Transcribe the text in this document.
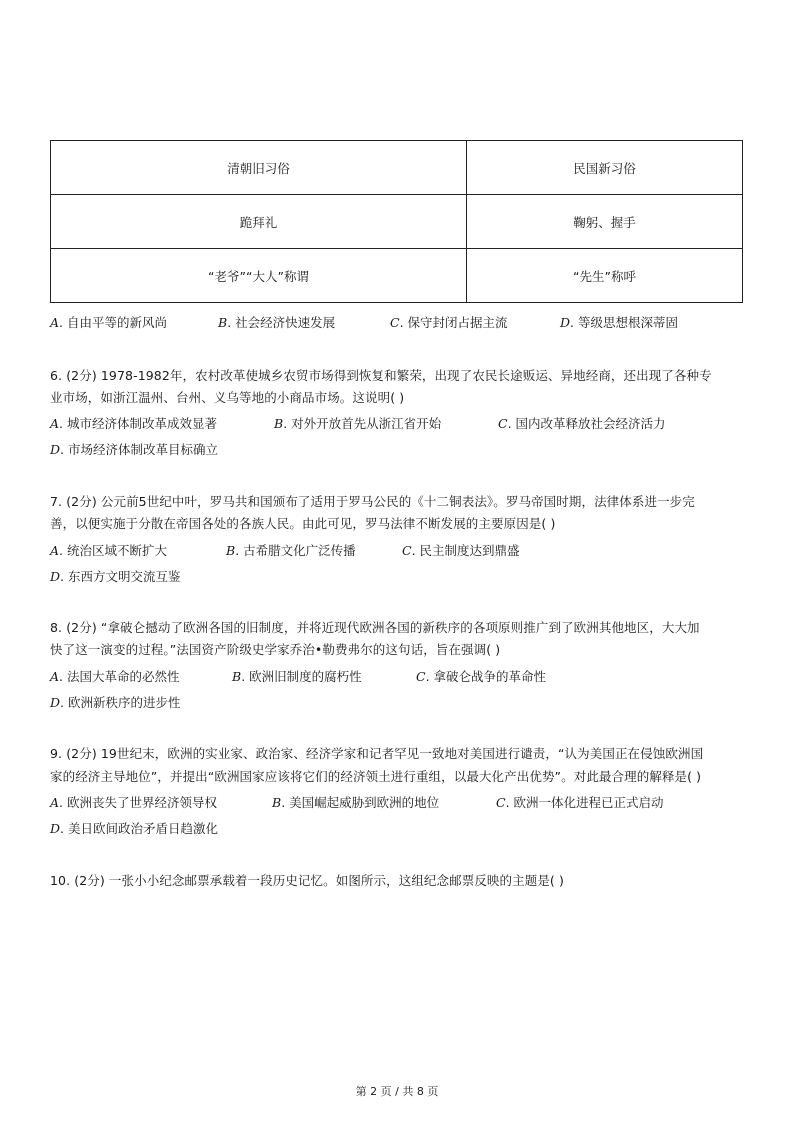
清朝旧习俗	民国新习俗
跪拜礼	鞠躬、握手
“老爷”“大人”称谓	“先生”称呼
A. 自由平等的新风尚	B. 社会经济快速发展	C. 保守封闭占据主流	D. 等级思想根深蒂固
6. (2分) 1978-1982年，农村改革使城乡农贸市场得到恢复和繁荣，出现了农民长途贩运、异地经商，还出现了各种专
业市场，如浙江温州、台州、义乌等地的小商品市场。这说明( )
A. 城市经济体制改革成效显著	B. 对外开放首先从浙江省开始	C. 国内改革释放社会经济活力
D. 市场经济体制改革目标确立
7. (2分) 公元前5世纪中叶，罗马共和国颁布了适用于罗马公民的《十二铜表法》。罗马帝国时期，法律体系进一步完
善，以便实施于分散在帝国各处的各族人民。由此可见，罗马法律不断发展的主要原因是( )
A. 统治区域不断扩大	B. 古希腊文化广泛传播	C. 民主制度达到鼎盛
D. 东西方文明交流互鉴
8. (2分) “拿破仑撼动了欧洲各国的旧制度，并将近现代欧洲各国的新秩序的各项原则推广到了欧洲其他地区，大大加
快了这一演变的过程。”法国资产阶级史学家乔治•勒费弗尔的这句话，旨在强调( )
A. 法国大革命的必然性	B. 欧洲旧制度的腐朽性	C. 拿破仑战争的革命性
D. 欧洲新秩序的进步性
9. (2分) 19世纪末，欧洲的实业家、政治家、经济学家和记者罕见一致地对美国进行谴责，“认为美国正在侵蚀欧洲国
家的经济主导地位”，并提出“欧洲国家应该将它们的经济领土进行重组，以最大化产出优势”。对此最合理的解释是( )
A. 欧洲丧失了世界经济领导权	B. 美国崛起威胁到欧洲的地位	C. 欧洲一体化进程已正式启动
D. 美日欧间政治矛盾日趋激化
10. (2分) 一张小小纪念邮票承载着一段历史记忆。如图所示，这组纪念邮票反映的主题是( )
第 2 页 / 共 8 页
